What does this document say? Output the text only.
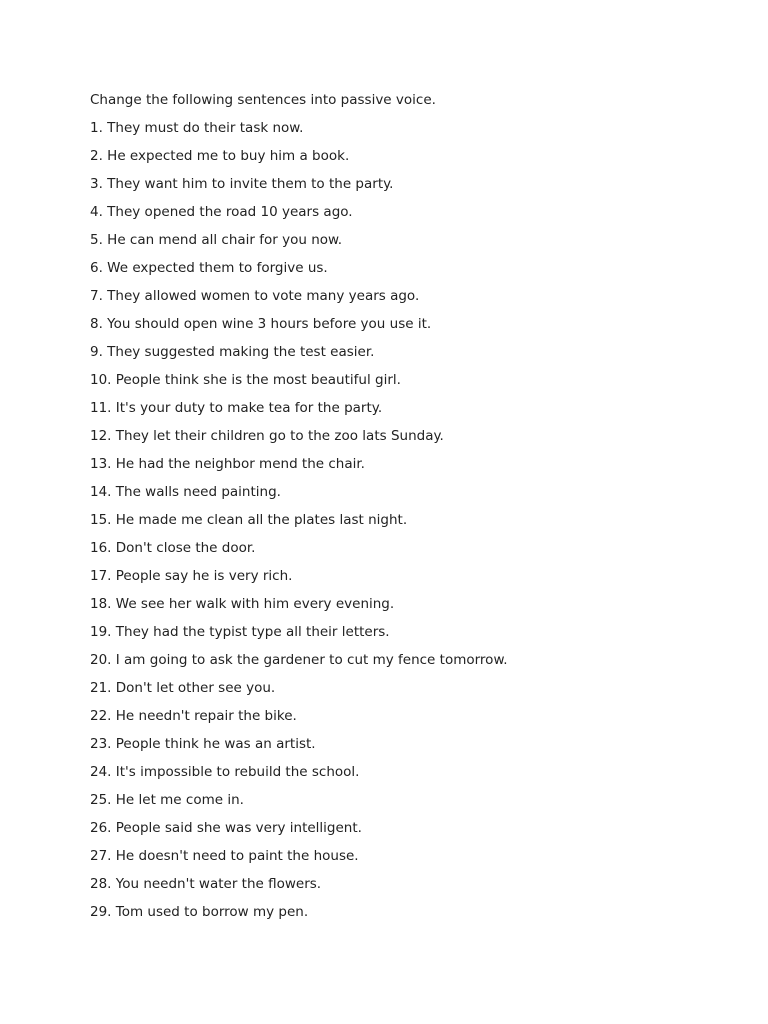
Change the following sentences into passive voice.
1. They must do their task now.
2. He expected me to buy him a book.
3. They want him to invite them to the party.
4. They opened the road 10 years ago.
5. He can mend all chair for you now.
6. We expected them to forgive us.
7. They allowed women to vote many years ago.
8. You should open wine 3 hours before you use it.
9. They suggested making the test easier.
10. People think she is the most beautiful girl.
11. It's your duty to make tea for the party.
12. They let their children go to the zoo lats Sunday.
13. He had the neighbor mend the chair.
14. The walls need painting.
15. He made me clean all the plates last night.
16. Don't close the door.
17. People say he is very rich.
18. We see her walk with him every evening.
19. They had the typist type all their letters.
20. I am going to ask the gardener to cut my fence tomorrow.
21. Don't let other see you.
22. He needn't repair the bike.
23. People think he was an artist.
24. It's impossible to rebuild the school.
25. He let me come in.
26. People said she was very intelligent.
27. He doesn't need to paint the house.
28. You needn't water the flowers.
29. Tom used to borrow my pen.
